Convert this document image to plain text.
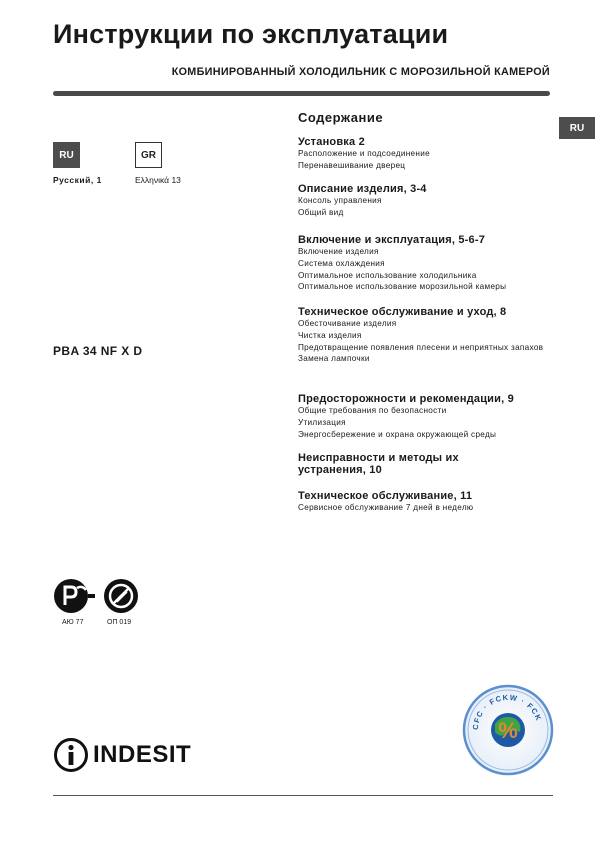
Инструкции по эксплуатации
КОМБИНИРОВАННЫЙ ХОЛОДИЛЬНИК С МОРОЗИЛЬНОЙ КАМЕРОЙ
RU
RU	GR
Русский, 1	Ελληνικά 13
PBA 34 NF X D
Содержание
Установка 2
Расположение и подсоединение
Перенавешивание дверец
Описание изделия, 3-4
Консоль управления
Общий вид
Включение и эксплуатация, 5-6-7
Включение изделия
Система охлаждения
Оптимальное использование холодильника
Оптимальное использование морозильной камеры
Техническое обслуживание и уход, 8
Обесточивание изделия
Чистка изделия
Предотвращение появления плесени и неприятных запахов
Замена лампочки
Предосторожности и рекомендации, 9
Общие требования по безопасности
Утилизация
Энергосбережение и охрана окружающей среды
Неисправности и методы их устранения, 10
Техническое обслуживание, 11
Сервисное обслуживание 7 дней в неделю
АЮ 77	ОП 019
CFC · FCKW · FCK
%
INDESIT
